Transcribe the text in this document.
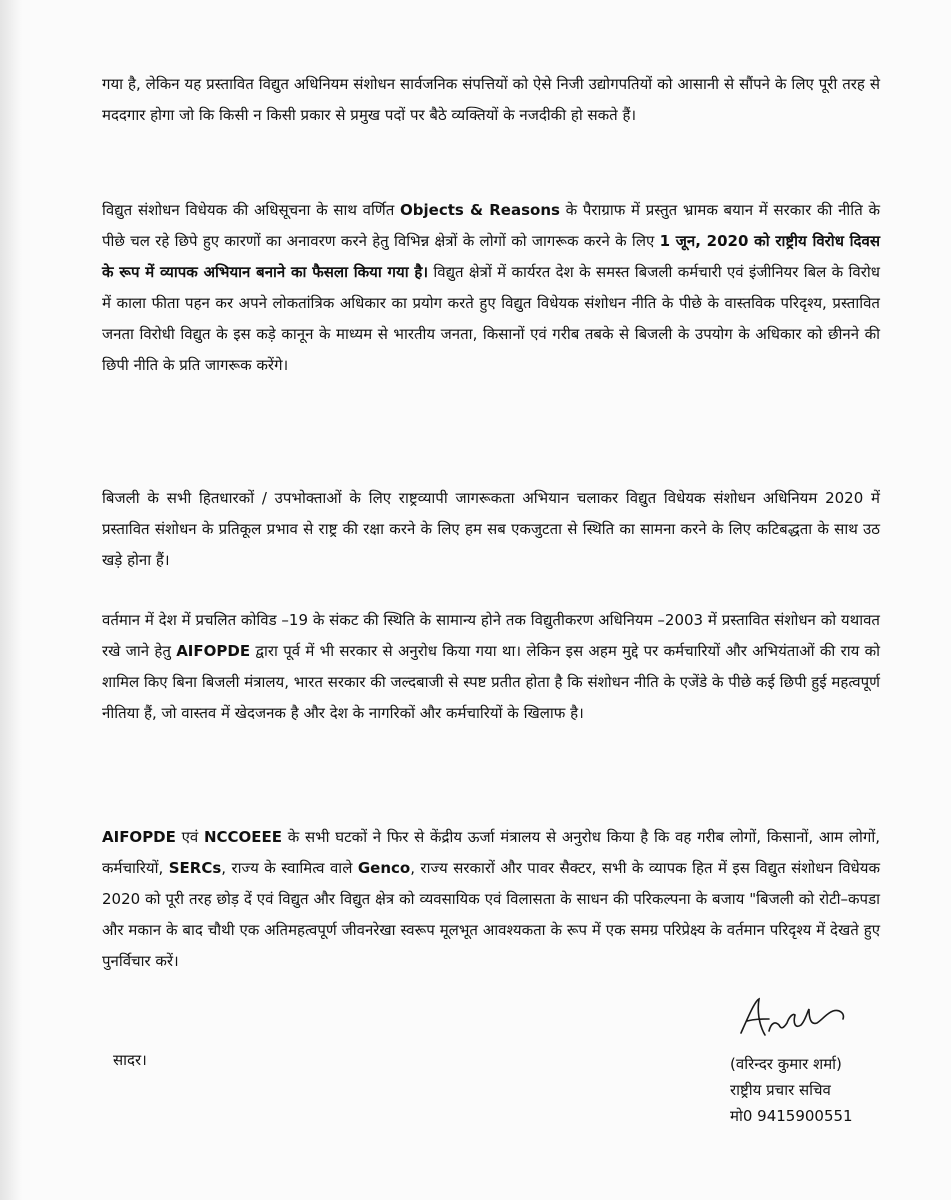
गया है, लेकिन यह प्रस्तावित विद्युत अधिनियम संशोधन सार्वजनिक संपत्तियों को ऐसे निजी उद्योगपतियों को आसानी से सौंपने के लिए पूरी तरह से मददगार होगा जो कि किसी न किसी प्रकार से प्रमुख पदों पर बैठे व्यक्तियों के नजदीकी हो सकते हैं।

विद्युत संशोधन विधेयक की अधिसूचना के साथ वर्णित Objects & Reasons के पैराग्राफ में प्रस्तुत भ्रामक बयान में सरकार की नीति के पीछे चल रहे छिपे हुए कारणों का अनावरण करने हेतु विभिन्न क्षेत्रों के लोगों को जागरूक करने के लिए 1 जून, 2020 को राष्ट्रीय विरोध दिवस के रूप में व्यापक अभियान बनाने का फैसला किया गया है। विद्युत क्षेत्रों में कार्यरत देश के समस्त बिजली कर्मचारी एवं इंजीनियर बिल के विरोध में काला फीता पहन कर अपने लोकतांत्रिक अधिकार का प्रयोग करते हुए विद्युत विधेयक संशोधन नीति के पीछे के वास्तविक परिदृश्य, प्रस्तावित जनता विरोधी विद्युत के इस कड़े कानून के माध्यम से भारतीय जनता, किसानों एवं गरीब तबके से बिजली के उपयोग के अधिकार को छीनने की छिपी नीति के प्रति जागरूक करेंगे।

बिजली के सभी हितधारकों / उपभोक्ताओं के लिए राष्ट्रव्यापी जागरूकता अभियान चलाकर विद्युत विधेयक संशोधन अधिनियम 2020 में प्रस्तावित संशोधन के प्रतिकूल प्रभाव से राष्ट्र की रक्षा करने के लिए हम सब एकजुटता से स्थिति का सामना करने के लिए कटिबद्धता के साथ उठ खड़े होना हैं।

वर्तमान में देश में प्रचलित कोविड –19 के संकट की स्थिति के सामान्य होने तक विद्युतीकरण अधिनियम –2003 में प्रस्तावित संशोधन को यथावत रखे जाने हेतु AIFOPDE द्वारा पूर्व में भी सरकार से अनुरोध किया गया था। लेकिन इस अहम मुद्दे पर कर्मचारियों और अभियंताओं की राय को शामिल किए बिना बिजली मंत्रालय, भारत सरकार की जल्दबाजी से स्पष्ट प्रतीत होता है कि संशोधन नीति के एजेंडे के पीछे कई छिपी हुई महत्वपूर्ण नीतिया हैं, जो वास्तव में खेदजनक है और देश के नागरिकों और कर्मचारियों के खिलाफ है।

AIFOPDE एवं NCCOEEE के सभी घटकों ने फिर से केंद्रीय ऊर्जा मंत्रालय से अनुरोध किया है कि वह गरीब लोगों, किसानों, आम लोगों, कर्मचारियों, SERCs, राज्य के स्वामित्व वाले Genco, राज्य सरकारों और पावर सैक्टर, सभी के व्यापक हित में इस विद्युत संशोधन विधेयक 2020 को पूरी तरह छोड़ दें एवं विद्युत और विद्युत क्षेत्र को व्यवसायिक एवं विलासता के साधन की परिकल्पना के बजाय "बिजली को रोटी–कपडा और मकान के बाद चौथी एक अतिमहत्वपूर्ण जीवनरेखा स्वरूप मूलभूत आवश्यकता के रूप में एक समग्र परिप्रेक्ष्य के वर्तमान परिदृश्य में देखते हुए पुनर्विचार करें।

सादर।	(वरिन्दर कुमार शर्मा)

राष्ट्रीय प्रचार सचिव

मो0 9415900551
